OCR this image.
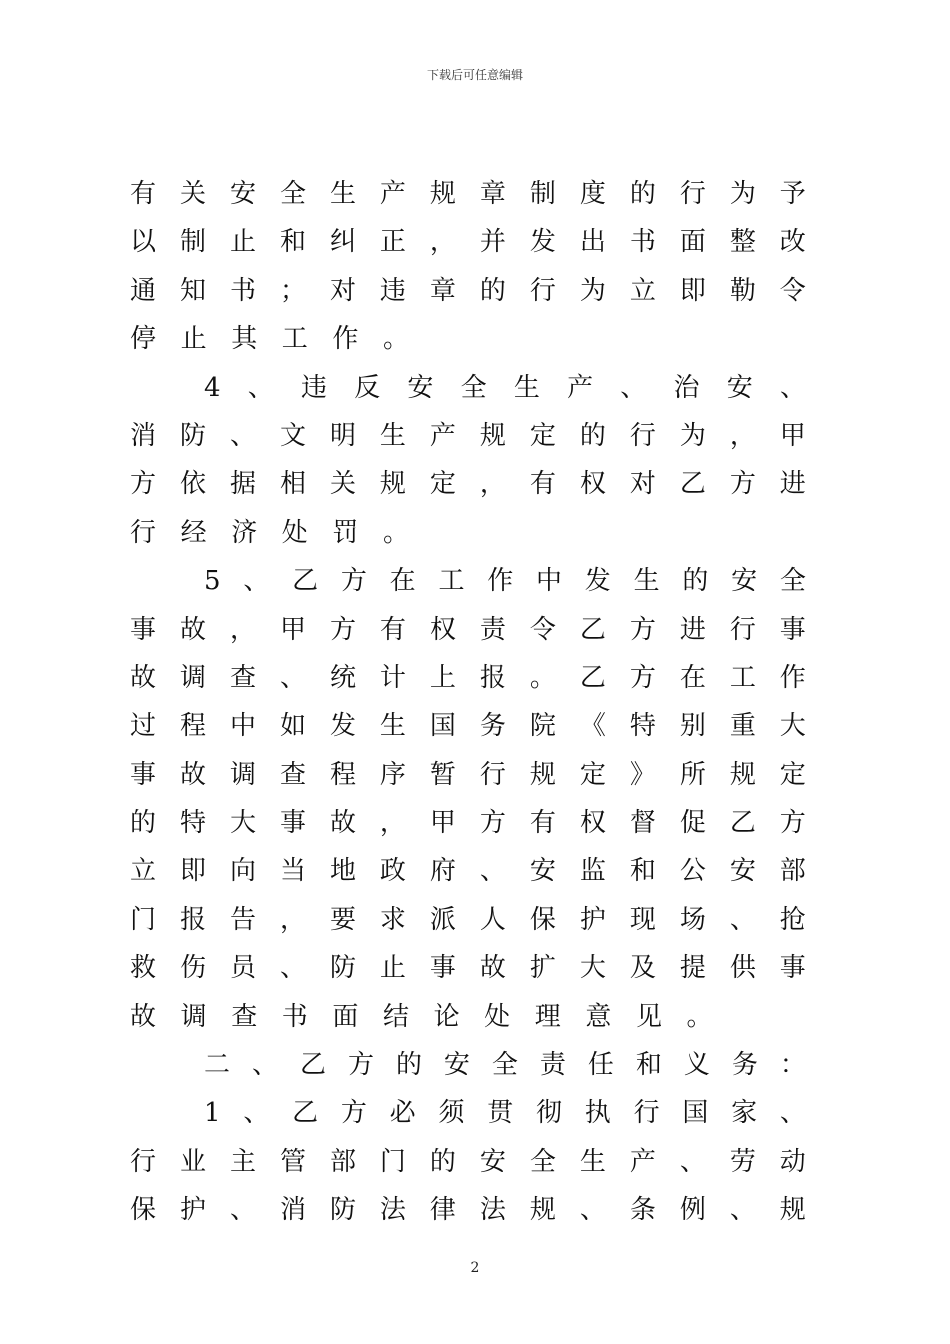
下载后可任意编辑
有 关 安 全 生 产 规 章 制 度 的 行 为 予
以 制 止 和 纠 正 ， 并 发 出 书 面 整 改
通 知 书 ； 对 违 章 的 行 为 立 即 勒 令
停 止 其 工 作 。
4 、 违 反 安 全 生 产 、 治 安 、
消 防 、 文 明 生 产 规 定 的 行 为 ， 甲
方 依 据 相 关 规 定 ， 有 权 对 乙 方 进
行 经 济 处 罚 。
5 、 乙 方 在 工 作 中 发 生 的 安 全
事 故 ， 甲 方 有 权 责 令 乙 方 进 行 事
故 调 查 、 统 计 上 报 。 乙 方 在 工 作
过 程 中 如 发 生 国 务 院 《 特 别 重 大
事 故 调 查 程 序 暂 行 规 定 》 所 规 定
的 特 大 事 故 ， 甲 方 有 权 督 促 乙 方
立 即 向 当 地 政 府 、 安 监 和 公 安 部
门 报 告 ， 要 求 派 人 保 护 现 场 、 抢
救 伤 员 、 防 止 事 故 扩 大 及 提 供 事
故 调 查 书 面 结 论 处 理 意 见 。
二 、 乙 方 的 安 全 责 任 和 义 务 ：
1 、 乙 方 必 须 贯 彻 执 行 国 家 、
行 业 主 管 部 门 的 安 全 生 产 、 劳 动
保 护 、 消 防 法 律 法 规 、 条 例 、 规
2
